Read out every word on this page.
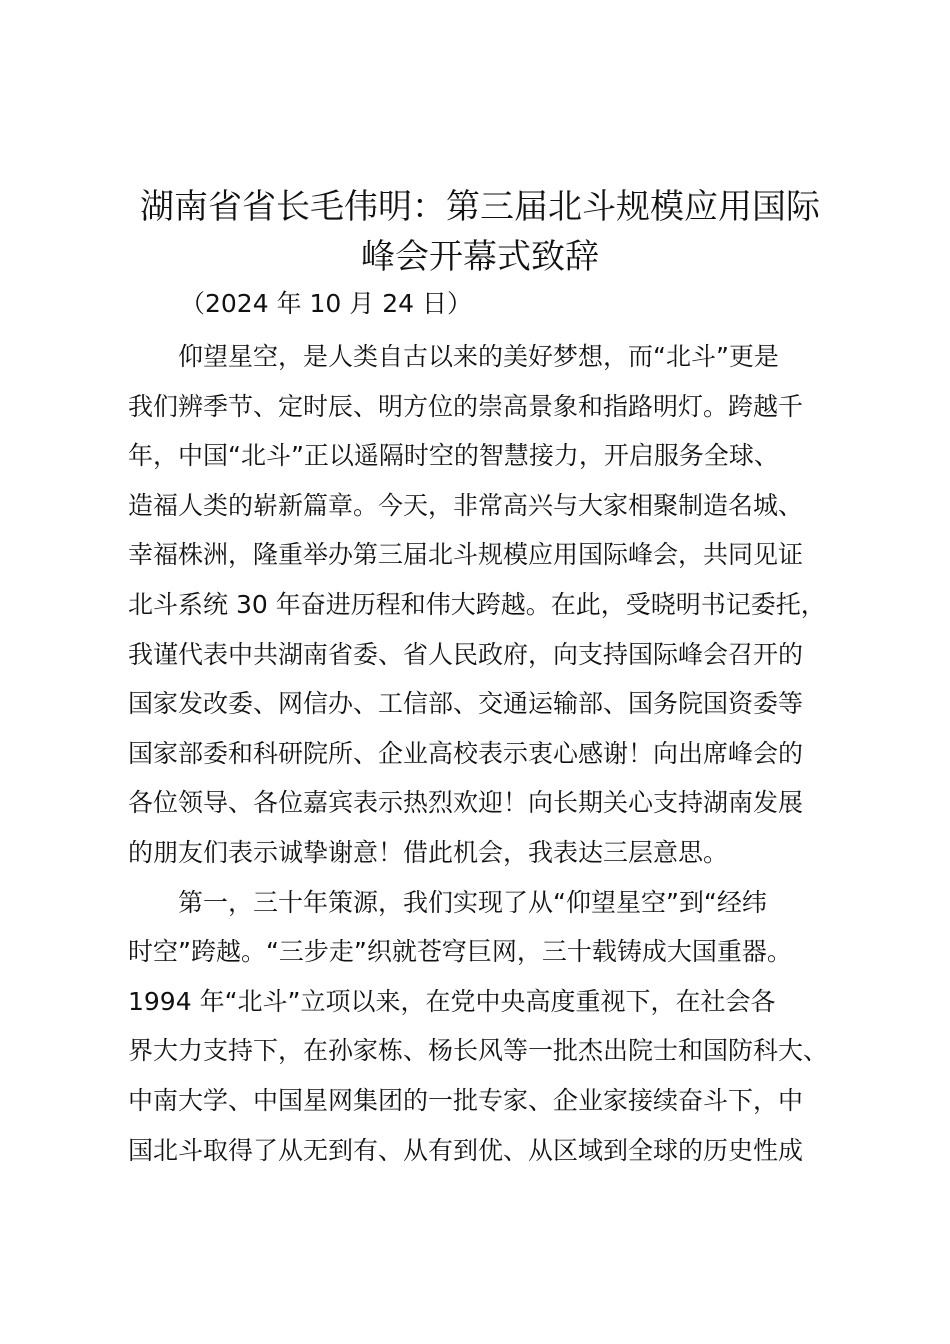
湖南省省长毛伟明：第三届北斗规模应用国际
峰会开幕式致辞

（2024 年 10 月 24 日）

仰望星空，是人类自古以来的美好梦想，而“北斗”更是
我们辨季节、定时辰、明方位的崇高景象和指路明灯。跨越千
年，中国“北斗”正以遥隔时空的智慧接力，开启服务全球、
造福人类的崭新篇章。今天，非常高兴与大家相聚制造名城、
幸福株洲，隆重举办第三届北斗规模应用国际峰会，共同见证
北斗系统 30 年奋进历程和伟大跨越。在此，受晓明书记委托，
我谨代表中共湖南省委、省人民政府，向支持国际峰会召开的
国家发改委、网信办、工信部、交通运输部、国务院国资委等
国家部委和科研院所、企业高校表示衷心感谢！向出席峰会的
各位领导、各位嘉宾表示热烈欢迎！向长期关心支持湖南发展
的朋友们表示诚挚谢意！借此机会，我表达三层意思。
第一，三十年策源，我们实现了从“仰望星空”到“经纬
时空”跨越。“三步走”织就苍穹巨网，三十载铸成大国重器。
1994 年“北斗”立项以来，在党中央高度重视下，在社会各
界大力支持下，在孙家栋、杨长风等一批杰出院士和国防科大、
中南大学、中国星网集团的一批专家、企业家接续奋斗下，中
国北斗取得了从无到有、从有到优、从区域到全球的历史性成
